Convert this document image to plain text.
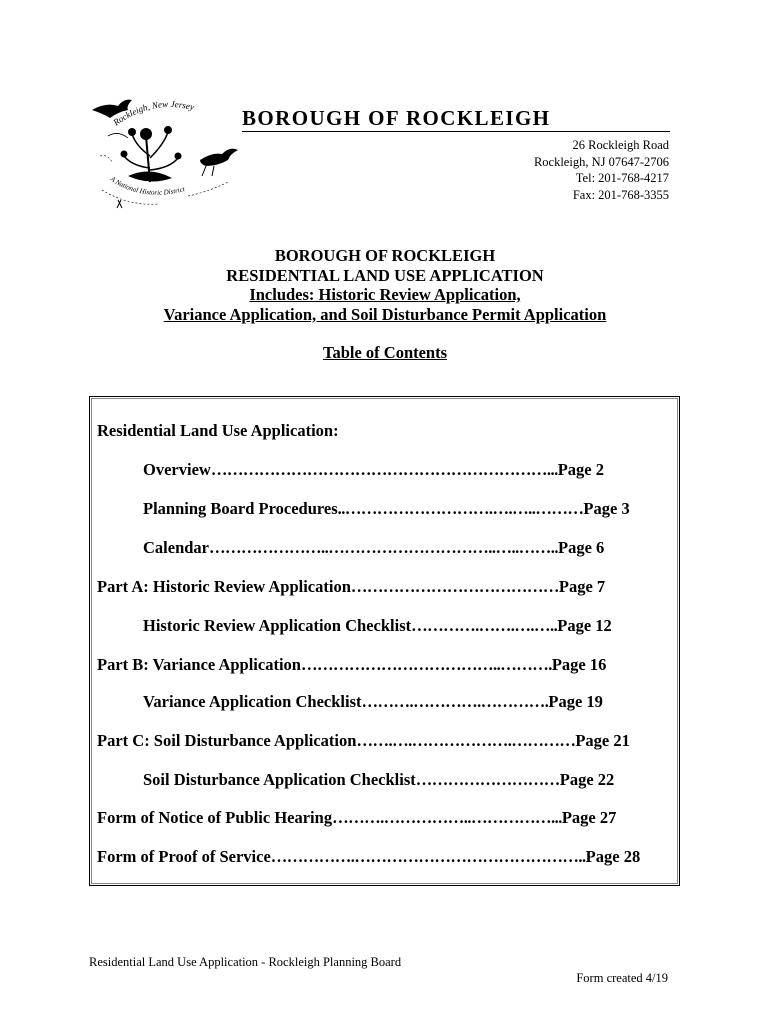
Rockleigh, New Jersey
A National Historic District
BOROUGH OF ROCKLEIGH
26 Rockleigh Road
Rockleigh, NJ 07647-2706
Tel: 201-768-4217
Fax: 201-768-3355
BOROUGH OF ROCKLEIGH
RESIDENTIAL LAND USE APPLICATION
Includes: Historic Review Application,
Variance Application, and Soil Disturbance Permit Application
Table of Contents
Residential Land Use Application:
Overview………………………………………………………...Page 2
Planning Board Procedures..……………………….….…..………Page 3
Calendar…………………..…………………………..…..……..Page 6
Part A: Historic Review Application…………………………………Page 7
Historic Review Application Checklist………….…….….…..Page 12
Part B: Variance Application………………………………..……….Page 16
Variance Application Checklist……….………….………….Page 19
Part C: Soil Disturbance Application…….….……………….…………Page 21
Soil Disturbance Application Checklist………………………Page 22
Form of Notice of Public Hearing……….……………..……………...Page 27
Form of Proof of Service…………….……………………………………..Page 28
Residential Land Use Application - Rockleigh Planning Board
Form created 4/19
